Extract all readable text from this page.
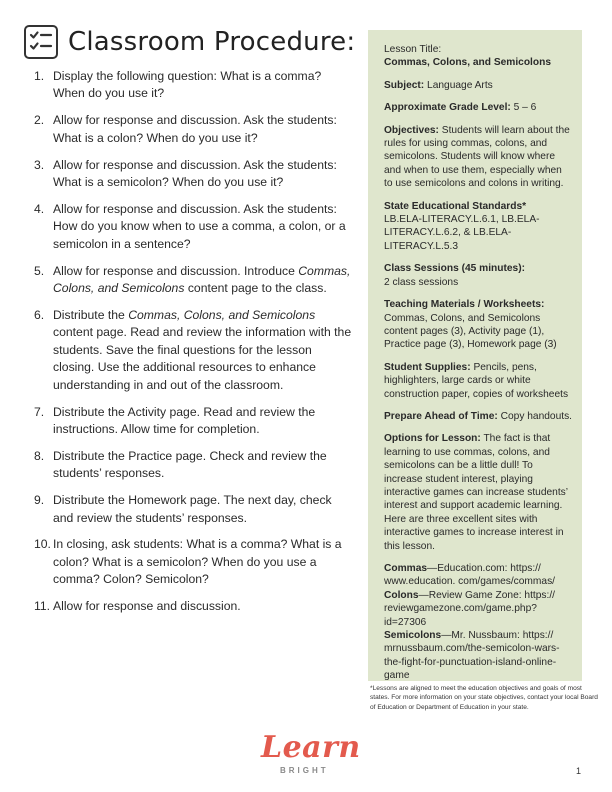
Classroom Procedure:
1. Display the following question: What is a comma? When do you use it?
2. Allow for response and discussion. Ask the students: What is a colon? When do you use it?
3. Allow for response and discussion. Ask the students: What is a semicolon? When do you use it?
4. Allow for response and discussion. Ask the students: How do you know when to use a comma, a colon, or a semicolon in a sentence?
5. Allow for response and discussion. Introduce Commas, Colons, and Semicolons content page to the class.
6. Distribute the Commas, Colons, and Semicolons content page. Read and review the information with the students. Save the final questions for the lesson closing. Use the additional resources to enhance understanding in and out of the classroom.
7. Distribute the Activity page. Read and review the instructions. Allow time for completion.
8. Distribute the Practice page. Check and review the students’ responses.
9. Distribute the Homework page. The next day, check and review the students’ responses.
10. In closing, ask students: What is a comma? What is a colon? What is a semicolon? When do you use a comma? Colon? Semicolon?
11. Allow for response and discussion.
Lesson Title:
Commas, Colons, and Semicolons
Subject: Language Arts
Approximate Grade Level: 5 – 6
Objectives: Students will learn about the rules for using commas, colons, and semicolons. Students will know where and when to use them, especially when to use semicolons and colons in writing.
State Educational Standards*
LB.ELA-LITERACY.L.6.1, LB.ELA-LITERACY.L.6.2, & LB.ELA-LITERACY.L.5.3
Class Sessions (45 minutes):
2 class sessions
Teaching Materials / Worksheets:
Commas, Colons, and Semicolons content pages (3), Activity page (1), Practice page (3), Homework page (3)
Student Supplies: Pencils, pens, highlighters, large cards or white construction paper, copies of worksheets
Prepare Ahead of Time: Copy handouts.
Options for Lesson: The fact is that learning to use commas, colons, and semicolons can be a little dull! To increase student interest, playing interactive games can increase students’ interest and support academic learning. Here are three excellent sites with interactive games to increase interest in this lesson.
Commas—Education.com: https:// www.education. com/games/commas/
Colons—Review Game Zone: https:// reviewgamezone.com/game.php?id=27306
Semicolons—Mr. Nussbaum: https:// mrnussbaum.com/the-semicolon-wars-the-fight-for-punctuation-island-online-game
*Lessons are aligned to meet the education objectives and goals of most states. For more information on your state objectives, contact your local Board of Education or Department of Education in your state.
Learn
BRIGHT	1
